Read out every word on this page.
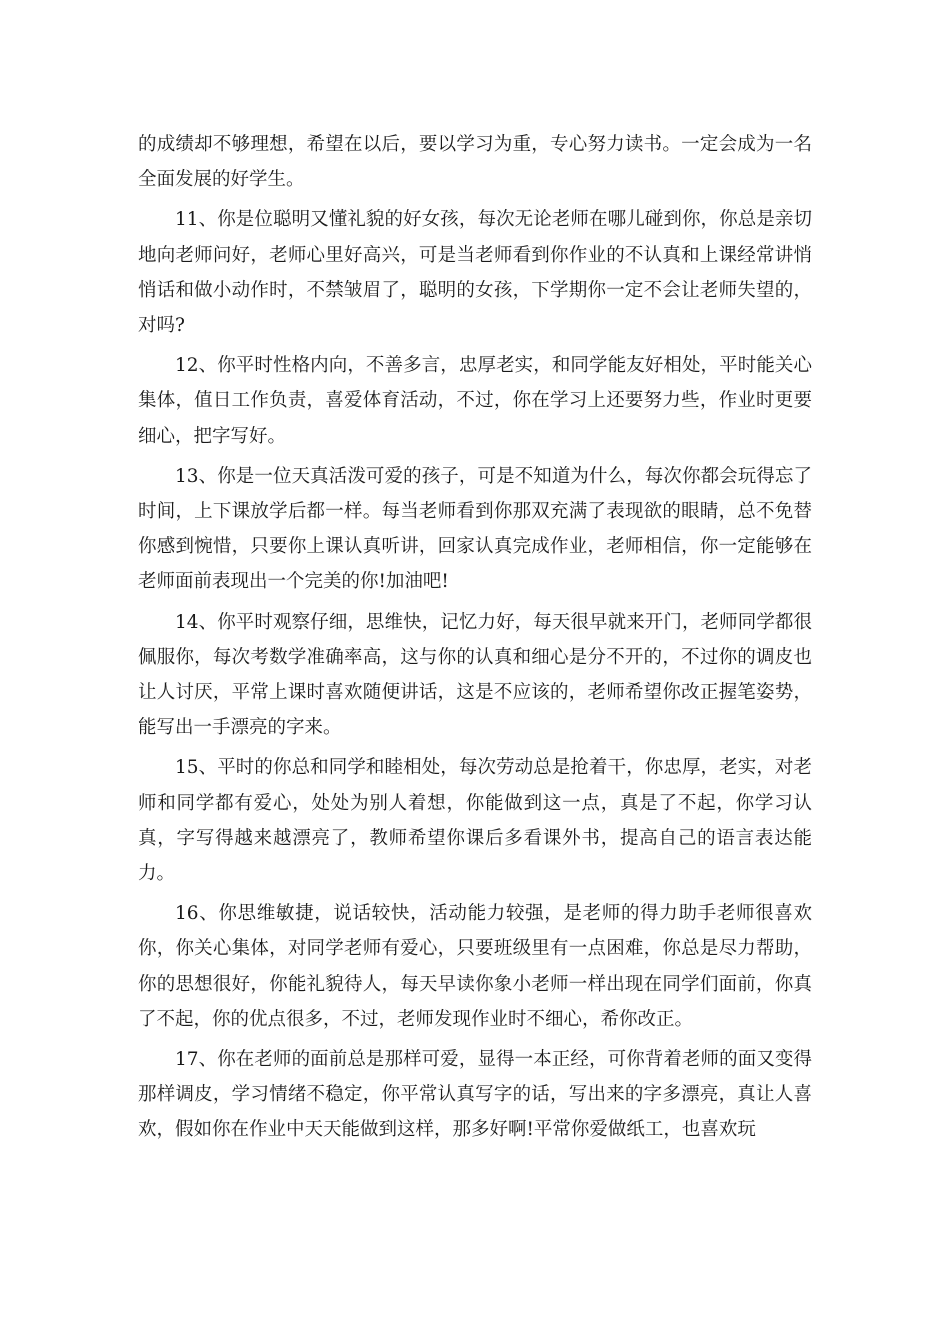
的成绩却不够理想，希望在以后，要以学习为重，专心努力读书。一定会成为一名全面发展的好学生。

11、你是位聪明又懂礼貌的好女孩，每次无论老师在哪儿碰到你，你总是亲切地向老师问好，老师心里好高兴，可是当老师看到你作业的不认真和上课经常讲悄悄话和做小动作时，不禁皱眉了，聪明的女孩，下学期你一定不会让老师失望的，对吗?

12、你平时性格内向，不善多言，忠厚老实，和同学能友好相处，平时能关心集体，值日工作负责，喜爱体育活动，不过，你在学习上还要努力些，作业时更要细心，把字写好。

13、你是一位天真活泼可爱的孩子，可是不知道为什么，每次你都会玩得忘了时间，上下课放学后都一样。每当老师看到你那双充满了表现欲的眼睛，总不免替你感到惋惜，只要你上课认真听讲，回家认真完成作业，老师相信，你一定能够在老师面前表现出一个完美的你!加油吧!

14、你平时观察仔细，思维快，记忆力好，每天很早就来开门，老师同学都很佩服你，每次考数学准确率高，这与你的认真和细心是分不开的，不过你的调皮也让人讨厌，平常上课时喜欢随便讲话，这是不应该的，老师希望你改正握笔姿势，能写出一手漂亮的字来。

15、平时的你总和同学和睦相处，每次劳动总是抢着干，你忠厚，老实，对老师和同学都有爱心，处处为别人着想，你能做到这一点，真是了不起，你学习认真，字写得越来越漂亮了，教师希望你课后多看课外书，提高自己的语言表达能力。

16、你思维敏捷，说话较快，活动能力较强，是老师的得力助手老师很喜欢你，你关心集体，对同学老师有爱心，只要班级里有一点困难，你总是尽力帮助，你的思想很好，你能礼貌待人，每天早读你象小老师一样出现在同学们面前，你真了不起，你的优点很多，不过，老师发现作业时不细心，希你改正。

17、你在老师的面前总是那样可爱，显得一本正经，可你背着老师的面又变得那样调皮，学习情绪不稳定，你平常认真写字的话，写出来的字多漂亮，真让人喜欢，假如你在作业中天天能做到这样，那多好啊!平常你爱做纸工，也喜欢玩
